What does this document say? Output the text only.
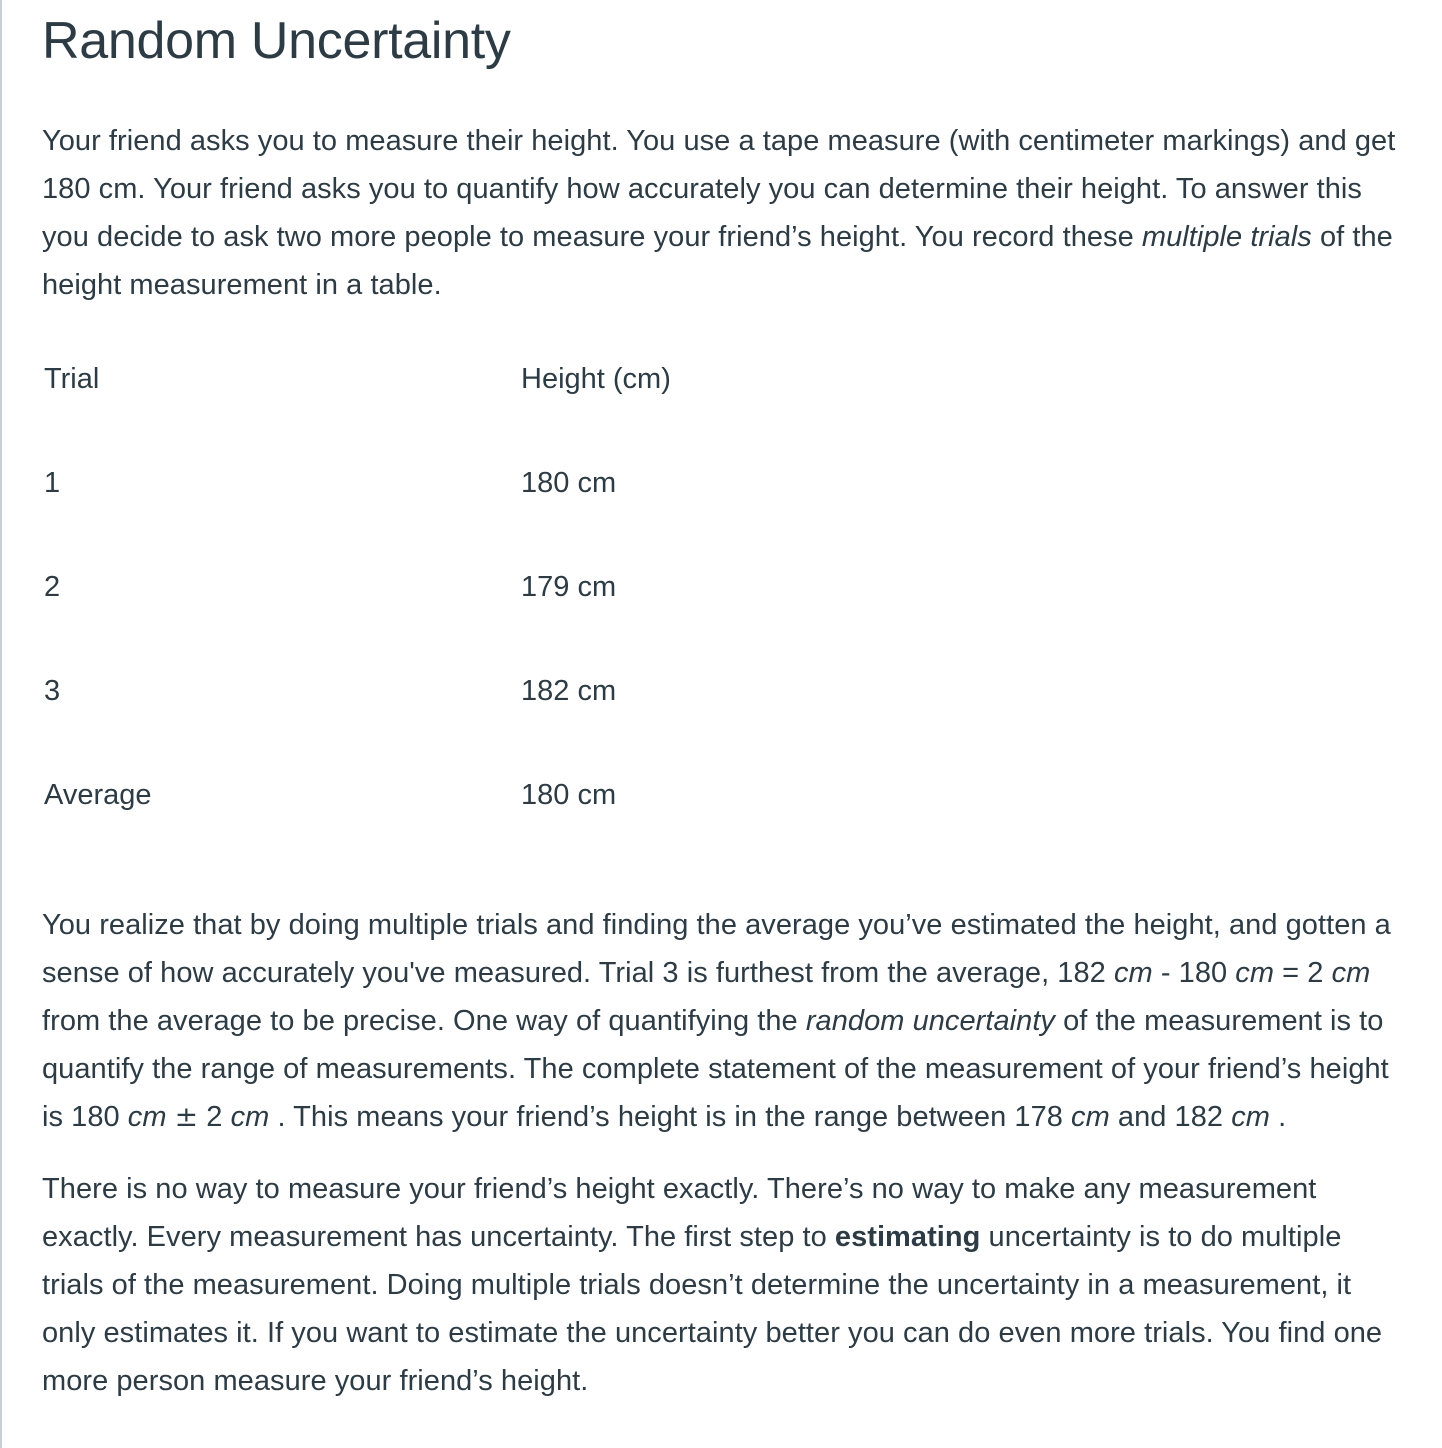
Random Uncertainty

Your friend asks you to measure their height. You use a tape measure (with centimeter markings) and get 180 cm. Your friend asks you to quantify how accurately you can determine their height. To answer this you decide to ask two more people to measure your friend’s height. You record these multiple trials of the height measurement in a table.

Trial	Height (cm)
1	180 cm
2	179 cm
3	182 cm
Average	180 cm

You realize that by doing multiple trials and finding the average you’ve estimated the height, and gotten a sense of how accurately you've measured. Trial 3 is furthest from the average, 182 cm - 180 cm = 2 cm from the average to be precise. One way of quantifying the random uncertainty of the measurement is to quantify the range of measurements. The complete statement of the measurement of your friend’s height is 180 cm ± 2 cm . This means your friend’s height is in the range between 178 cm and 182 cm .

There is no way to measure your friend’s height exactly. There’s no way to make any measurement exactly. Every measurement has uncertainty. The first step to estimating uncertainty is to do multiple trials of the measurement. Doing multiple trials doesn’t determine the uncertainty in a measurement, it only estimates it. If you want to estimate the uncertainty better you can do even more trials. You find one more person measure your friend’s height.
